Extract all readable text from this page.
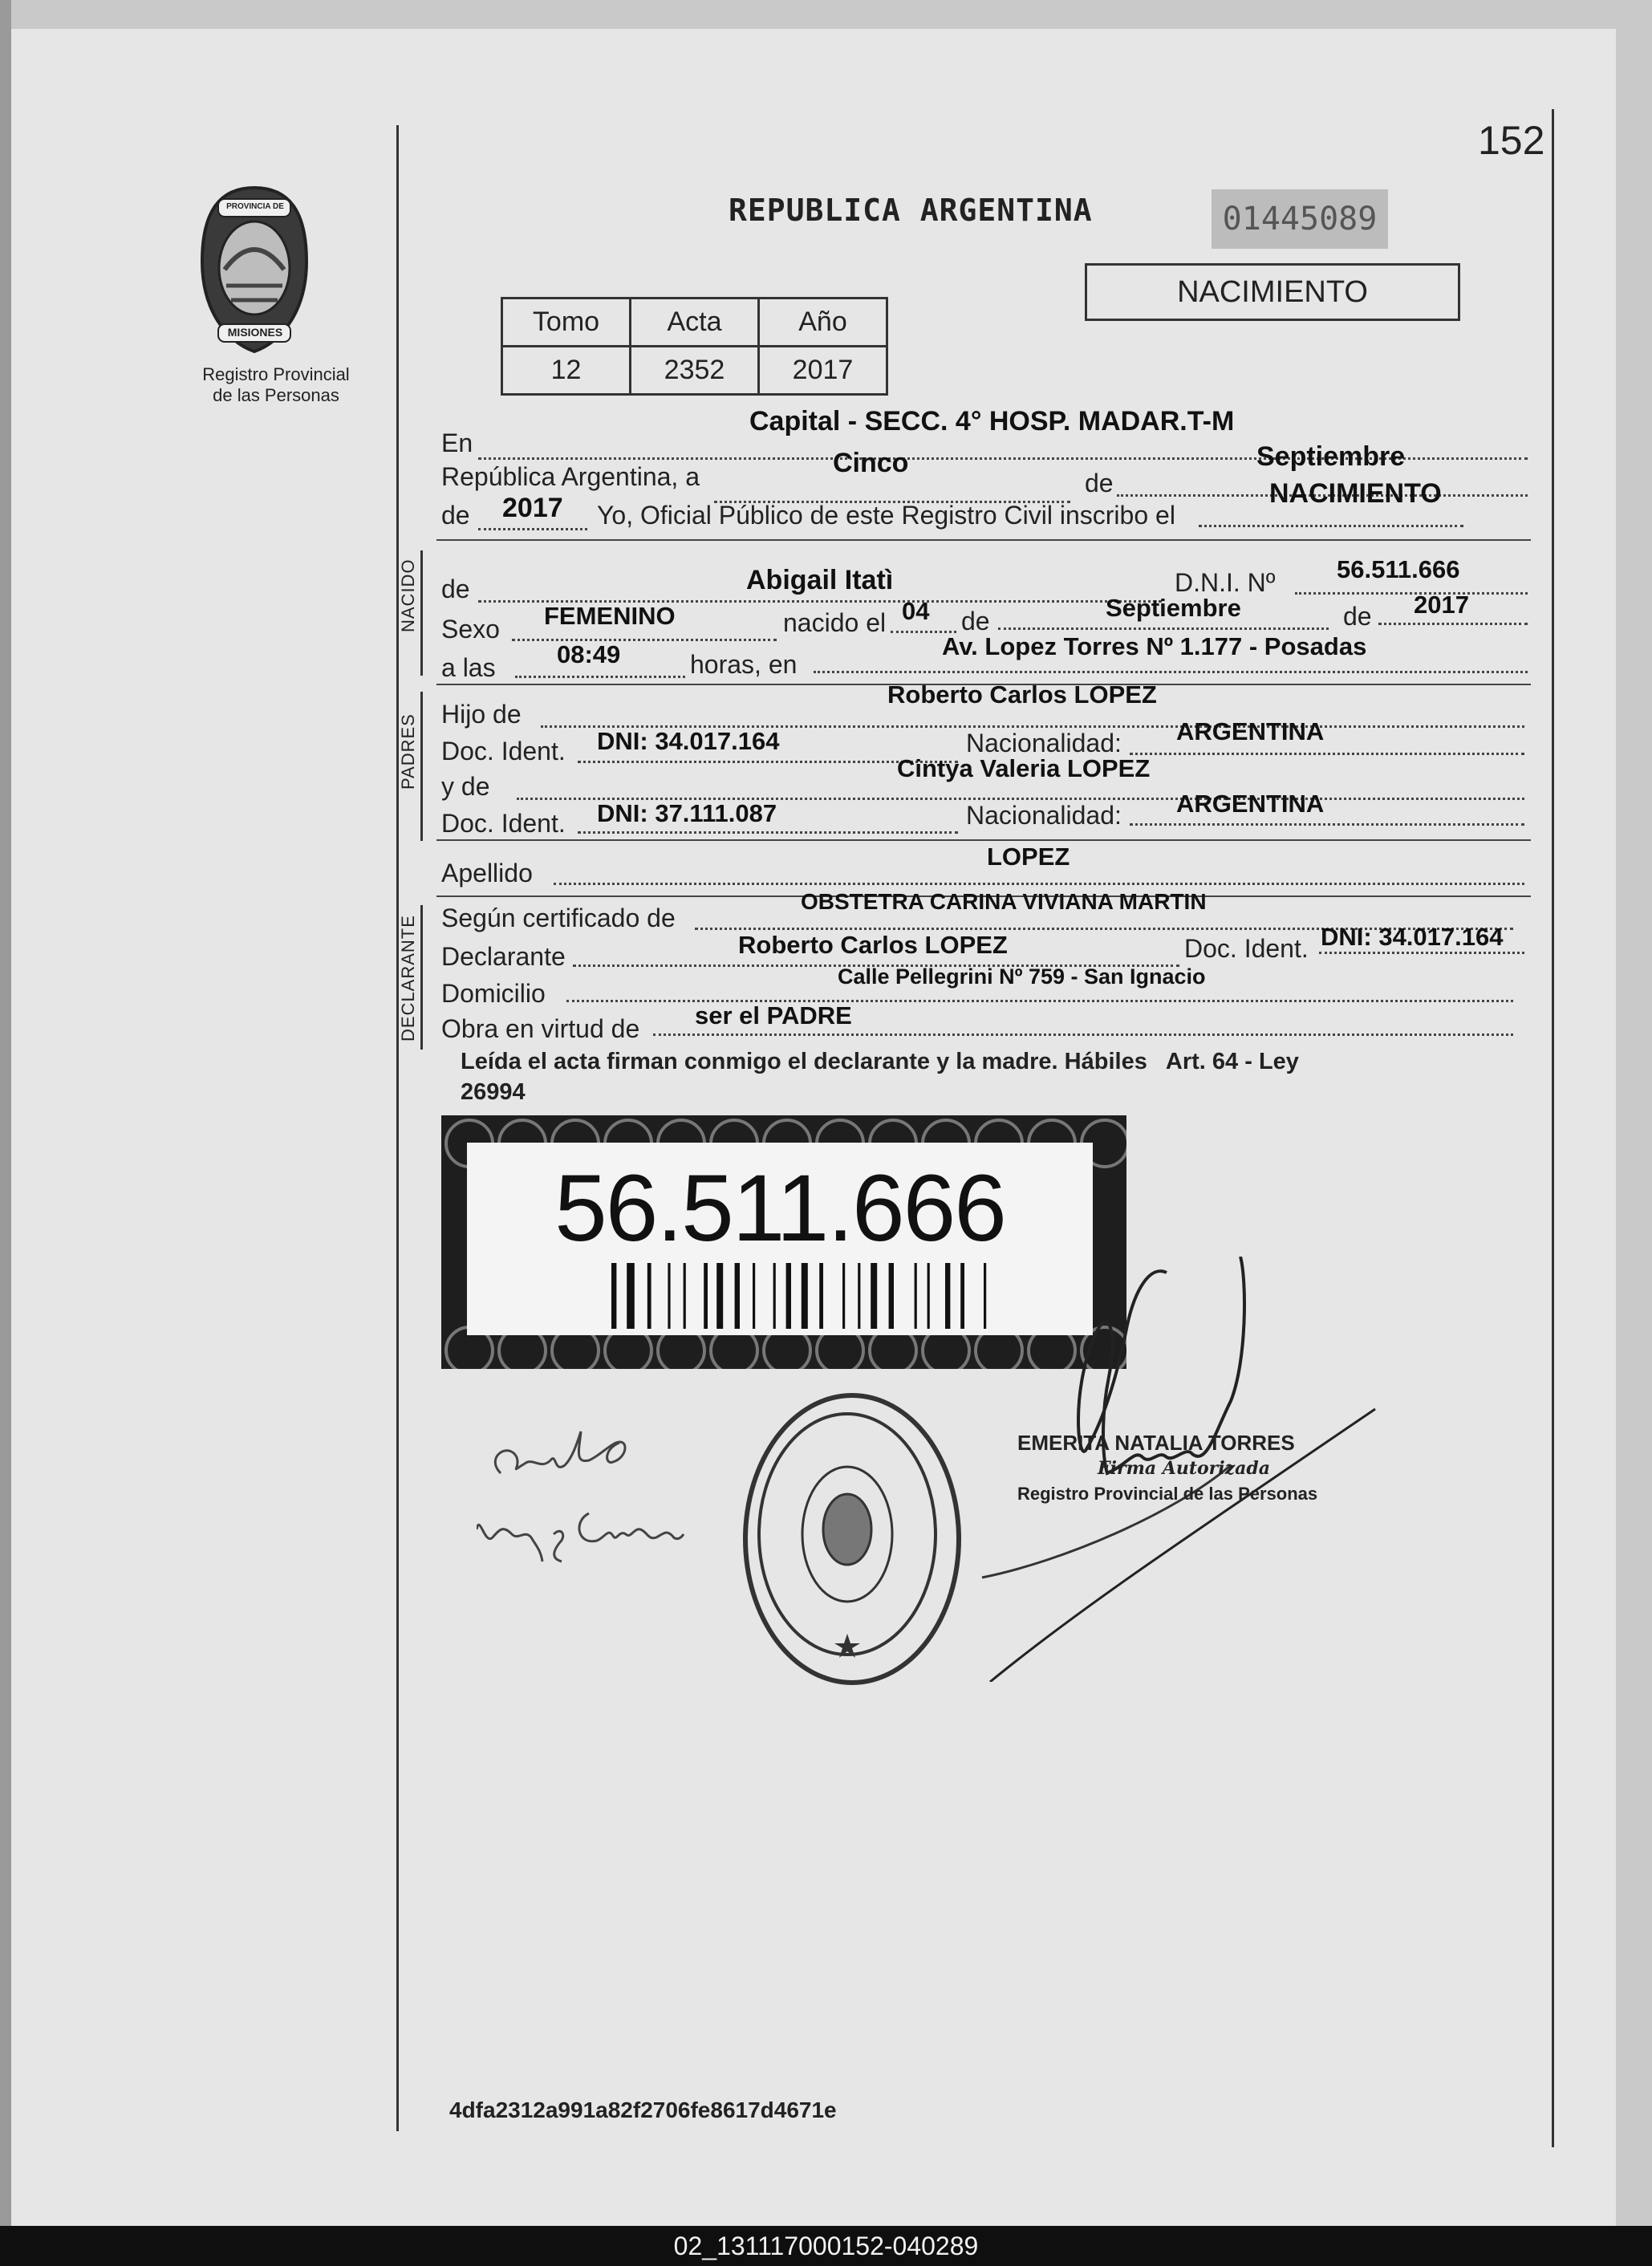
152
PROVINCIA DE
MISIONES
Registro Provincial
de las Personas
REPUBLICA ARGENTINA	01445089
Tomo	Acta	Año
12	2352	2017
NACIMIENTO
En
Capital - SECC. 4° HOSP. MADAR.T-M
República Argentina, a	Cinco
de
Septiembre
de 2017 Yo, Oficial Público de este Registro Civil inscribo el
NACIMIENTO
NACIDO de	Abigail Itatì	D.N.I. Nº 56.511.666
Sexo FEMENINO	nacido el 04 de	Septiembre	de 2017
a las 08:49	horas, en
Av. Lopez Torres Nº 1.177 - Posadas
PADRES Hijo de
Roberto Carlos LOPEZ
Doc. Ident. DNI: 34.017.164	Nacionalidad: ARGENTINA
y de
Cintya Valeria LOPEZ
Doc. Ident. DNI: 37.111.087	Nacionalidad: ARGENTINA
Apellido
LOPEZ
DECLARANTE Según certificado de
OBSTETRA CARINA VIVIANA MARTIN
Declarante	Roberto Carlos LOPEZ	Doc. Ident. DNI: 34.017.164
Domicilio
Calle Pellegrini Nº 759 - San Ignacio
Obra en virtud de ser el PADRE
Leída el acta firman conmigo el declarante y la madre. Hábiles   Art. 64 - Ley
26994
56.511.666
EMERITA NATALIA TORRES
Firma Autorizada
Registro Provincial de las Personas
4dfa2312a991a82f2706fe8617d4671e
02_131117000152-040289
